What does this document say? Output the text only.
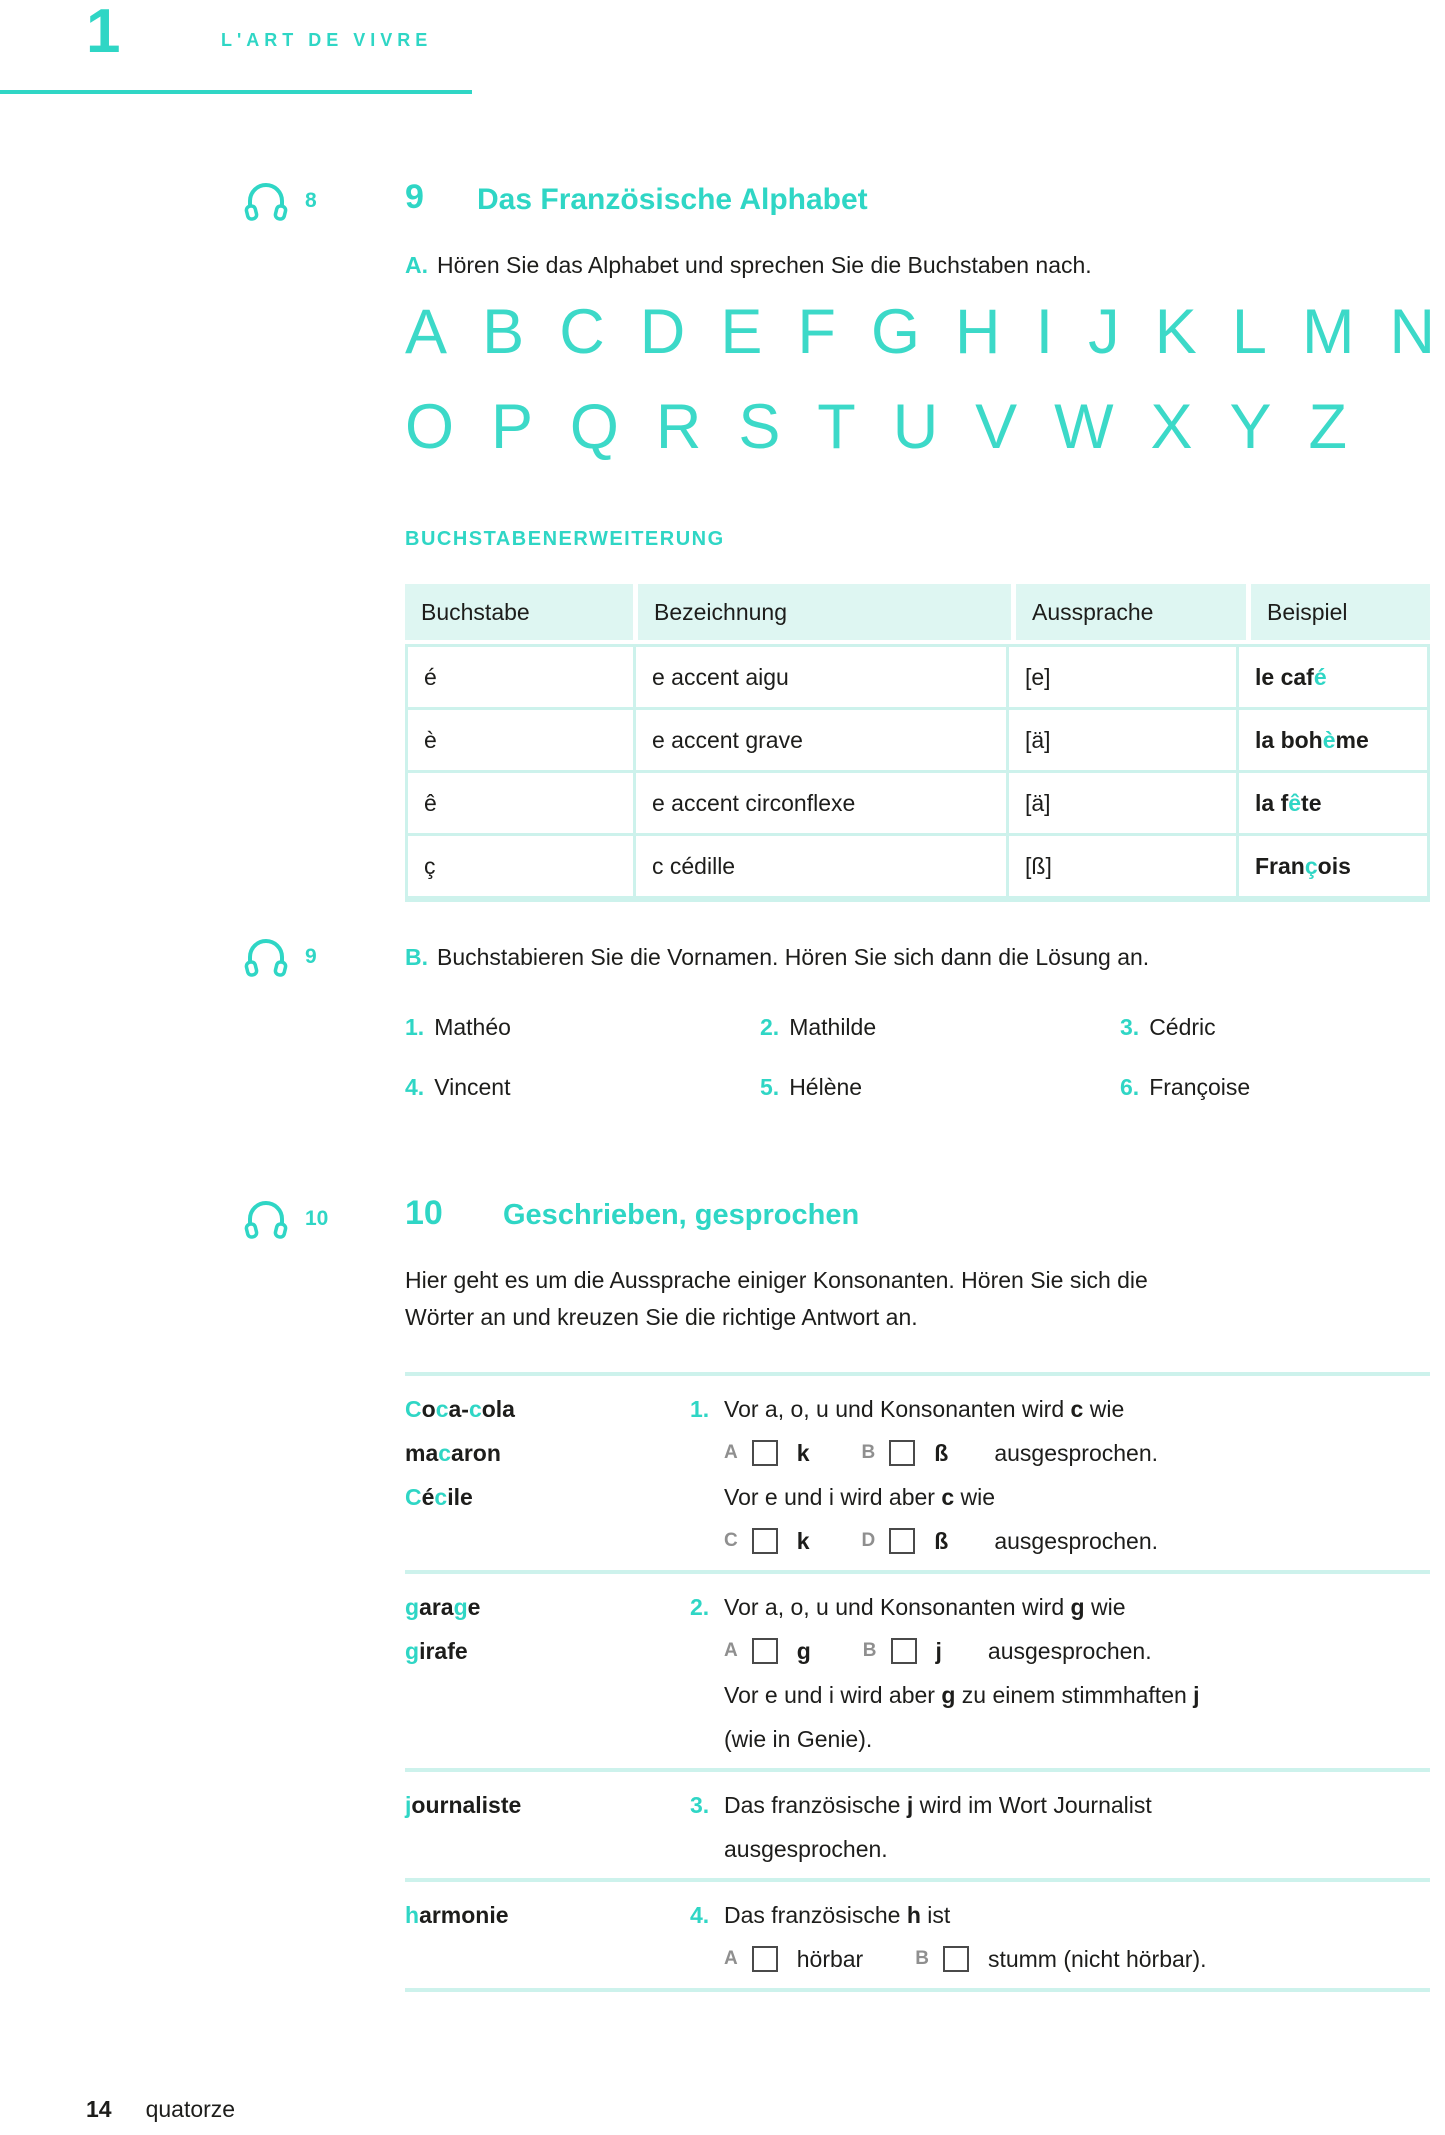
1	L'ART DE VIVRE
8	9 Das Französische Alphabet
A. Hören Sie das Alphabet und sprechen Sie die Buchstaben nach.
A B C D E F G H I J K L M N
O P Q R S T U V W X Y Z
BUCHSTABENERWEITERUNG
Buchstabe	Bezeichnung	Aussprache	Beispiel
é	e accent aigu	[e]	le caf é
è	e accent grave	[ä]	la boh è me
ê	e accent circonflexe	[ä]	la f ê te
ç	c cédille	[ß]	Fran ç ois
9	B. Buchstabieren Sie die Vornamen. Hören Sie sich dann die Lösung an.
1. Mathéo	2. Mathilde	3. Cédric
4. Vincent	5. Hélène	6. Françoise
10 10 Geschrieben, gesprochen
Hier geht es um die Aussprache einiger Konsonanten. Hören Sie sich die
Wörter an und kreuzen Sie die richtige Antwort an.
Coca-cola
macaron
Cécile
1. Vor a, o, u und Konsonanten wird c wie
A	k	B	ß ausgesprochen.
Vor e und i wird aber c wie
C	k	D	ß ausgesprochen.
garage
girafe
2. Vor a, o, u und Konsonanten wird g wie
A	g	B	j ausgesprochen.
Vor e und i wird aber g zu einem stimmhaften j
(wie in Genie).
journaliste	3. Das französische j wird im Wort Journalist
ausgesprochen.
harmonie	4. Das französische h ist
A	hörbar	B	stumm (nicht hörbar).
14 quatorze
